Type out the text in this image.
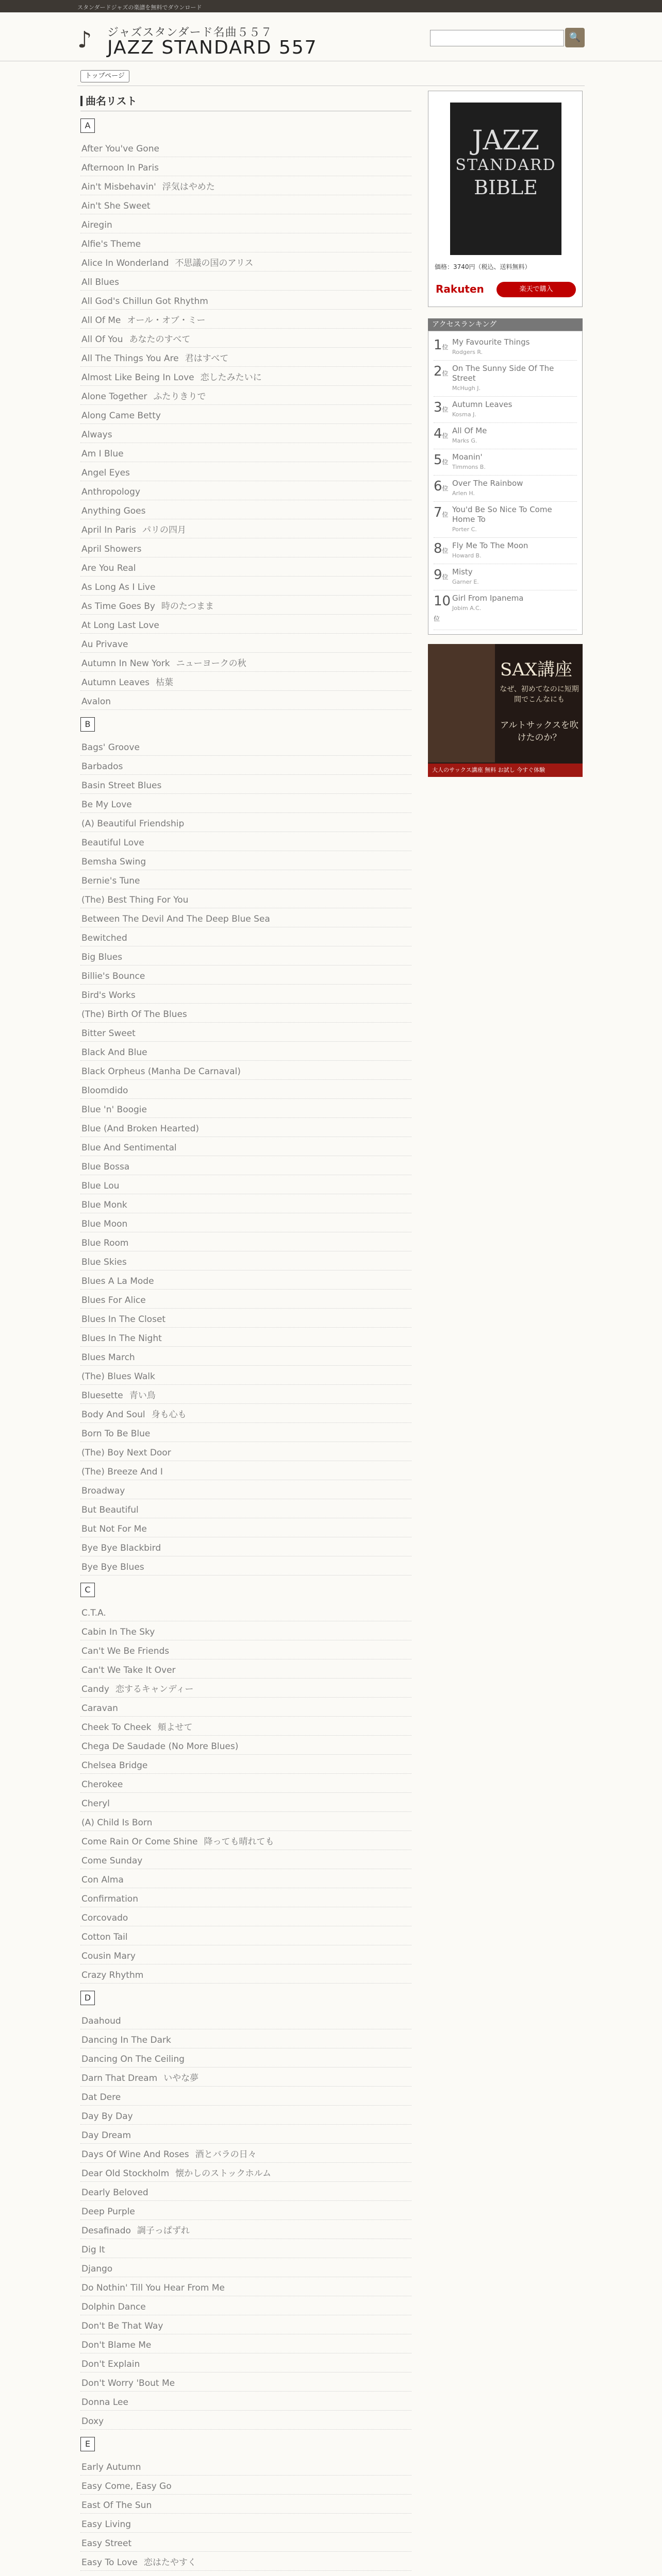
スタンダードジャズの楽譜を無料でダウンロード
♪ ジャズスタンダード名曲５５７
JAZZ STANDARD 557	🔍
トップページ
曲名リスト
A
After You've Gone
Afternoon In Paris
Ain't Misbehavin' 浮気はやめた
Ain't She Sweet
Airegin
Alfie's Theme
Alice In Wonderland 不思議の国のアリス
All Blues
All God's Chillun Got Rhythm
All Of Me オール・オブ・ミー
All Of You あなたのすべて
All The Things You Are 君はすべて
Almost Like Being In Love 恋したみたいに
Alone Together ふたりきりで
Along Came Betty
Always
Am I Blue
Angel Eyes
Anthropology
Anything Goes
April In Paris パリの四月
April Showers
Are You Real
As Long As I Live
As Time Goes By 時のたつまま
At Long Last Love
Au Privave
Autumn In New York ニューヨークの秋
Autumn Leaves 枯葉
Avalon
B
Bags' Groove
Barbados
Basin Street Blues
Be My Love
(A) Beautiful Friendship
Beautiful Love
Bemsha Swing
Bernie's Tune
(The) Best Thing For You
Between The Devil And The Deep Blue Sea
Bewitched
Big Blues
Billie's Bounce
Bird's Works
(The) Birth Of The Blues
Bitter Sweet
Black And Blue
Black Orpheus (Manha De Carnaval)
Bloomdido
Blue 'n' Boogie
Blue (And Broken Hearted)
Blue And Sentimental
Blue Bossa
Blue Lou
Blue Monk
Blue Moon
Blue Room
Blue Skies
Blues A La Mode
Blues For Alice
Blues In The Closet
Blues In The Night
Blues March
(The) Blues Walk
Bluesette 青い鳥
Body And Soul 身も心も
Born To Be Blue
(The) Boy Next Door
(The) Breeze And I
Broadway
But Beautiful
But Not For Me
Bye Bye Blackbird
Bye Bye Blues
C
C.T.A.
Cabin In The Sky
Can't We Be Friends
Can't We Take It Over
Candy 恋するキャンディー
Caravan
Cheek To Cheek 頬よせて
Chega De Saudade (No More Blues)
Chelsea Bridge
Cherokee
Cheryl
(A) Child Is Born
Come Rain Or Come Shine 降っても晴れても
Come Sunday
Con Alma
Confirmation
Corcovado
Cotton Tail
Cousin Mary
Crazy Rhythm
D
Daahoud
Dancing In The Dark
Dancing On The Ceiling
Darn That Dream いやな夢
Dat Dere
Day By Day
Day Dream
Days Of Wine And Roses 酒とバラの日々
Dear Old Stockholm 懐かしのストックホルム
Dearly Beloved
Deep Purple
Desafinado 調子っぱずれ
Dig It
Django
Do Nothin' Till You Hear From Me
Dolphin Dance
Don't Be That Way
Don't Blame Me
Don't Explain
Don't Worry 'Bout Me
Donna Lee
Doxy
E
Early Autumn
Easy Come, Easy Go
East Of The Sun
Easy Living
Easy Street
Easy To Love 恋はたやすく
JAZZ
STANDARD
BIBLE
価格：3740円（税込、送料無料）
Rakuten	楽天で購入
アクセスランキング
1位
My Favourite Things
Rodgers R.
2位
On The Sunny Side Of The Street
McHugh J.
3位
Autumn Leaves
Kosma J.
4位
All Of Me
Marks G.
5位
Moanin'
Timmons B.
6位
Over The Rainbow
Arlen H.
7位
You'd Be So Nice To Come Home To
Porter C.
8位
Fly Me To The Moon
Howard B.
9位
Misty
Garner E.
10位
Girl From Ipanema
Jobim A.C.
SAX講座
なぜ、初めてなのに短期間でこんなにも
アルトサックスを吹けたのか？
大人のサックス講座 無料 お試し 今すぐ体験
